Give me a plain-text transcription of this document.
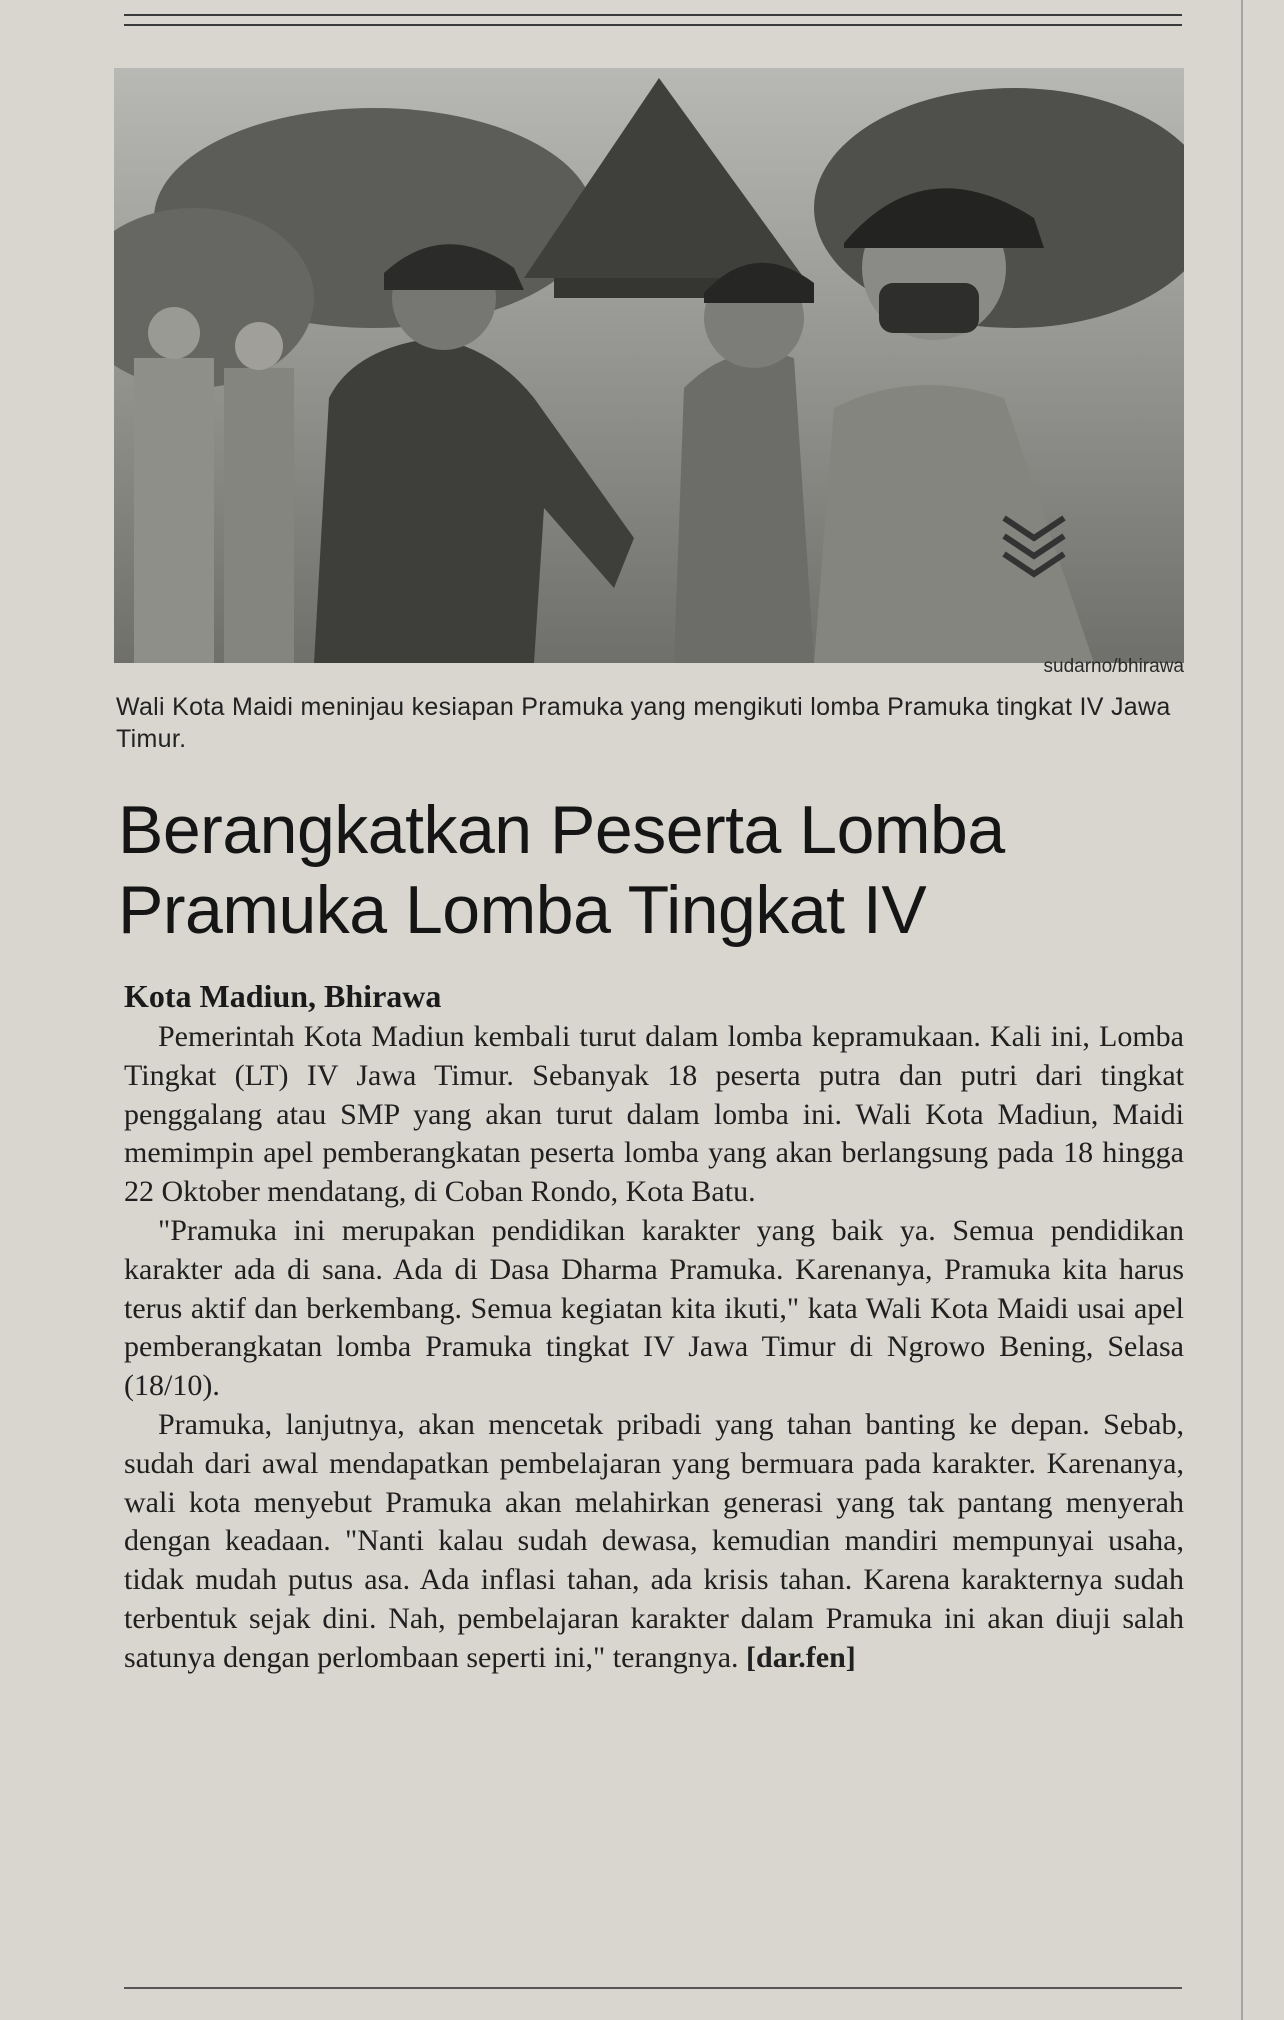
sudarno/bhirawa
Wali Kota Maidi meninjau kesiapan Pramuka yang mengikuti lomba Pramuka tingkat IV Jawa Timur.
Berangkatkan Peserta Lomba Pramuka Lomba Tingkat IV
Kota Madiun, Bhirawa

Pemerintah Kota Madiun kembali turut dalam lomba kepramukaan. Kali ini, Lomba Tingkat (LT) IV Jawa Timur. Sebanyak 18 peserta putra dan putri dari tingkat penggalang atau SMP yang akan turut dalam lomba ini. Wali Kota Madiun, Maidi memimpin apel pemberangkatan peserta lomba yang akan berlangsung pada 18 hingga 22 Oktober mendatang, di Coban Rondo, Kota Batu.

"Pramuka ini merupakan pendidikan karakter yang baik ya. Semua pendidikan karakter ada di sana. Ada di Dasa Dharma Pramuka. Karenanya, Pramuka kita harus terus aktif dan berkembang. Semua kegiatan kita ikuti," kata Wali Kota Maidi usai apel pemberangkatan lomba Pramuka tingkat IV Jawa Timur di Ngrowo Bening, Selasa (18/10).

Pramuka, lanjutnya, akan mencetak pribadi yang tahan banting ke depan. Sebab, sudah dari awal mendapatkan pembelajaran yang bermuara pada karakter. Karenanya, wali kota menyebut Pramuka akan melahirkan generasi yang tak pantang menyerah dengan keadaan. "Nanti kalau sudah dewasa, kemudian mandiri mempunyai usaha, tidak mudah putus asa. Ada inflasi tahan, ada krisis tahan. Karena karakternya sudah terbentuk sejak dini. Nah, pembelajaran karakter dalam Pramuka ini akan diuji salah satunya dengan perlombaan seperti ini," terangnya. [dar.fen]
